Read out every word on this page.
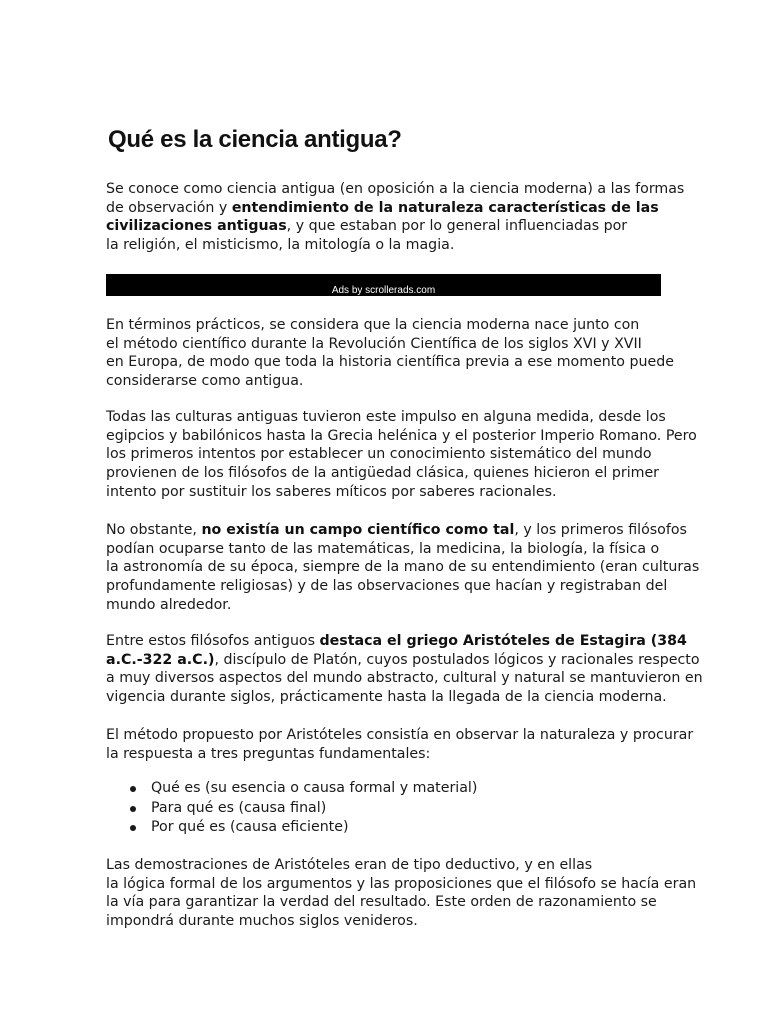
Qué es la ciencia antigua?
Se conoce como ciencia antigua (en oposición a la ciencia moderna) a las formas
de observación y entendimiento de la naturaleza características de las
civilizaciones antiguas, y que estaban por lo general influenciadas por
la religión, el misticismo, la mitología o la magia.
Ads by scrollerads.com
En términos prácticos, se considera que la ciencia moderna nace junto con
el método científico durante la Revolución Científica de los siglos XVI y XVII
en Europa, de modo que toda la historia científica previa a ese momento puede
considerarse como antigua.
Todas las culturas antiguas tuvieron este impulso en alguna medida, desde los
egipcios y babilónicos hasta la Grecia helénica y el posterior Imperio Romano. Pero
los primeros intentos por establecer un conocimiento sistemático del mundo
provienen de los filósofos de la antigüedad clásica, quienes hicieron el primer
intento por sustituir los saberes míticos por saberes racionales.
No obstante, no existía un campo científico como tal, y los primeros filósofos
podían ocuparse tanto de las matemáticas, la medicina, la biología, la física o
la astronomía de su época, siempre de la mano de su entendimiento (eran culturas
profundamente religiosas) y de las observaciones que hacían y registraban del
mundo alrededor.
Entre estos filósofos antiguos destaca el griego Aristóteles de Estagira (384
a.C.-322 a.C.), discípulo de Platón, cuyos postulados lógicos y racionales respecto
a muy diversos aspectos del mundo abstracto, cultural y natural se mantuvieron en
vigencia durante siglos, prácticamente hasta la llegada de la ciencia moderna.
El método propuesto por Aristóteles consistía en observar la naturaleza y procurar
la respuesta a tres preguntas fundamentales:
Qué es (su esencia o causa formal y material)
Para qué es (causa final)
Por qué es (causa eficiente)
Las demostraciones de Aristóteles eran de tipo deductivo, y en ellas
la lógica formal de los argumentos y las proposiciones que el filósofo se hacía eran
la vía para garantizar la verdad del resultado. Este orden de razonamiento se
impondrá durante muchos siglos venideros.
